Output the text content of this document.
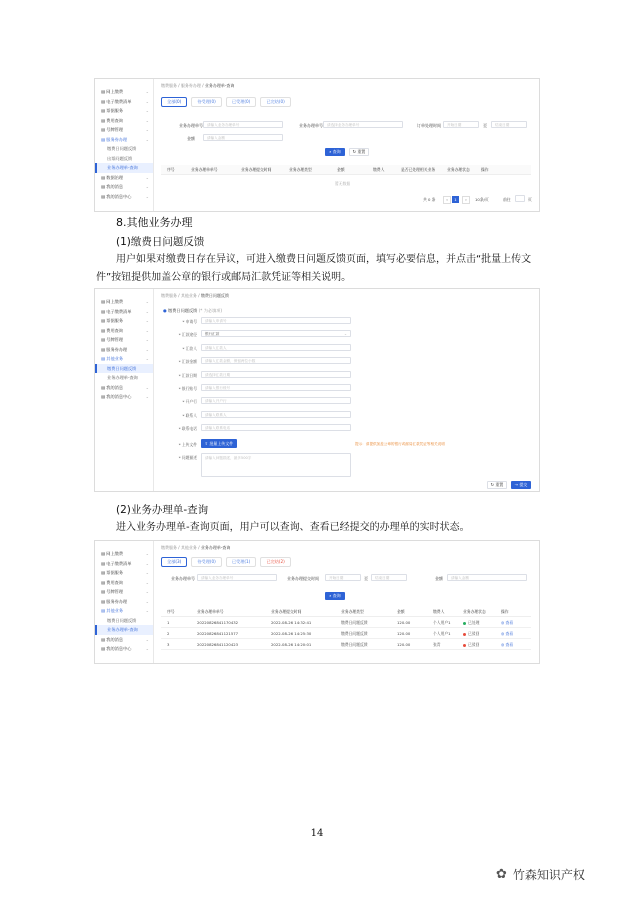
▤ 网上缴费	⌄
▤ 电子缴费清单	⌄
▤ 票据服务	⌄
▤ 费用查询	⌄
▤ 号牌管理	⌄
▤ 服务券办理	⌄
缴费日问题反馈
出票问题反馈
业务办理单-查询
▤ 数据治理	⌄
▤ 我的消息	⌄
▤ 我的消息中心	⌄
缴费服务 / 服务券办理 / 业务办理单-查询
全部(0)	待受理(0)	已受理(0)	已完结(0)
业务办理单号	请输入业务办理单号	业务办理单号	请选择业务办理单号	订单处理时间	开始日期	至	结束日期
金额	请输入金额
⌕ 查询	↻ 重置
序号	业务办理单单号	业务办理提交时间	业务办理类型	金额	缴费人	是否已处理相关业务	业务办理状态	操作
暂无数据
共 0 条	‹	1	›	10条/页	前往	页
8.其他业务办理
(1)缴费日问题反馈
用户如果对缴费日存在异议，可进入缴费日问题反馈页面，填写必要信息，并点击“批量上传文件”按钮提供加盖公章的银行或邮局汇款凭证等相关说明。
▤ 网上缴费	⌄
▤ 电子缴费清单	⌄
▤ 票据服务	⌄
▤ 费用查询	⌄
▤ 号牌管理	⌄
▤ 服务券办理	⌄
▤ 其他业务	⌄
缴费日问题反馈
业务办理单-查询
▤ 我的消息	⌄
▤ 我的消息中心	⌄
缴费服务 / 其他业务 / 缴费日问题反馈
● 缴费日问题反馈 (* 为必填项)
* 申请号	请输入申请号
* 汇款途径	银行汇款	⌄
* 汇款人	请输入汇款人
* 汇款金额	请输入汇款金额，保留两位小数
* 汇款日期	请选择汇款日期
* 银行账号	请输入银行账号
* 开户行	请输入开户行
* 联系人	请输入联系人
* 联系电话	请输入联系电话
* 上传文件	⇪ 批量上传文件	提示：请提供加盖公章的银行或邮局汇款凭证等相关说明
* 问题描述	请输入问题描述，最多500字
↻ 重置	→ 提交
(2)业务办理单-查询
进入业务办理单-查询页面，用户可以查询、查看已经提交的办理单的实时状态。
▤ 网上缴费	⌄
▤ 电子缴费清单	⌄
▤ 票据服务	⌄
▤ 费用查询	⌄
▤ 号牌管理	⌄
▤ 服务券办理	⌄
▤ 其他业务	⌄
缴费日问题反馈
业务办理单-查询
▤ 我的消息	⌄
▤ 我的消息中心	⌄
缴费服务 / 其他业务 / 业务办理单-查询
全部(3)	待受理(0)	已受理(1)	已完结(2)
业务办理单号	请输入业务办理单号	业务办理提交时间	开始日期	至	结束日期	金额	请输入金额
⌕ 查询
序号	业务办理单单号	业务办理提交时间	业务办理类型	金额	缴费人	业务办理状态	操作
1	20220826841170432	2022-08-26 14:32:41	缴费日问题反馈	120.00	个人用户1	已处理	◎ 查看
2	20220826841121577	2022-08-26 14:25:30	缴费日问题反馈	120.00	个人用户1	已驳回	◎ 查看
3	20220826841120423	2022-08-26 14:20:01	缴费日问题反馈	120.00	张青	已驳回	◎ 查看
14
✿ 竹森知识产权
